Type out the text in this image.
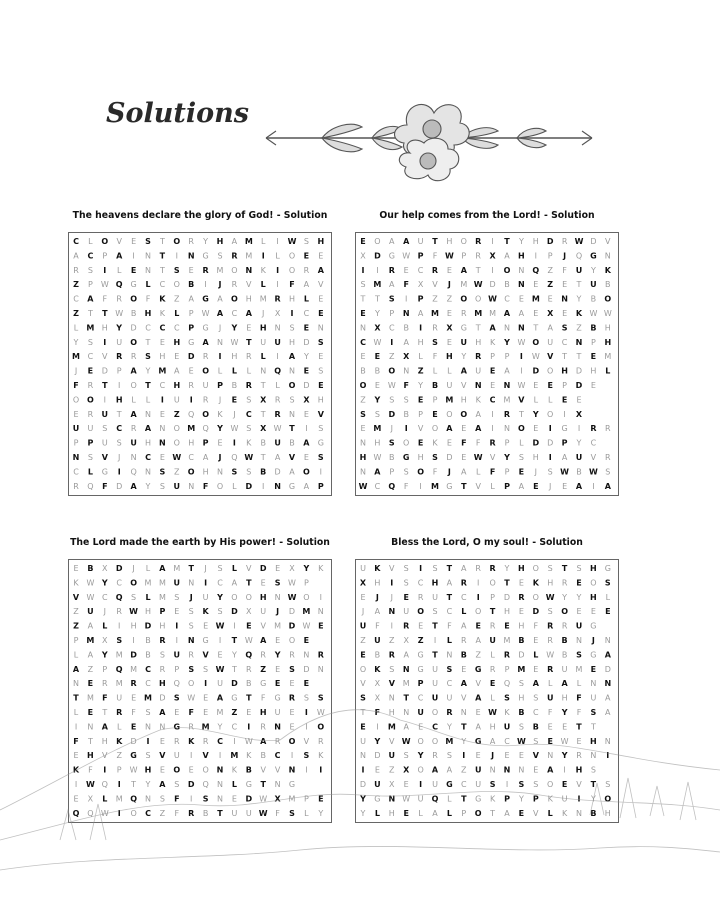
Solutions
The heavens declare the glory of God! - Solution	Our help comes from the Lord! - Solution
The Lord made the earth by His power! - Solution	Bless the Lord, O my soul! - Solution
C L O V E S T O R Y H A M L I W S H
A C P A I N T I N G S R M I L O E E
R S I L E N T S E R M O N K I O R A
Z P W Q G L C O B I J R V L I F A V
C A F R O F K Z A G A O H M R H L E
Z T T W B H K L P W A C A J X I C E
L M H Y D C C C P G J Y E H N S E N
Y S I U O T E H G A N W T U U H D S
M C V R R S H E D R I H R L I A Y E
J E D P A Y M A E O L L L N Q N E S
F R T I O T C H R U P B R T L O D E
O O I H L L I U I R J E S X R S X H
E R U T A N E Z Q O K J C T R N E V
U U S C R A N O M Q Y W S X W T I S
P P U S U H N O H P E I K B U B A G
N S V J N C E W C A J Q W T A V E S
C L G I Q N S Z O H N S S B D A O I
R Q F D A Y S U N F O L D I N G A P
E O A A U T H O R I T Y H D R W D V
X D G W P F W P R X A H I P J Q G N
I I R E C R E A T I O N Q Z F U Y K
S M A F X V J M W D B N E Z E T U B
T T S I P Z Z O O W C E M E N Y B O
E Y P N A M E R M M A A E X E K W W
N X C B I R X G T A N N T A S Z B H
C W I A H S E U H K Y W O U C N P H
E E Z X L F H Y R P P I W V T T E M
B B O N Z L L A U E A I D O H D H L
O E W F Y B U V N E N W E E P D E
Z Y S S E P M H K C M V L L E E
S S D B P E O O A I R T Y O I X
E M J I V O A E A I N O E I G I R R
N H S O E K E F F R P L D D P Y C
H W B G H S D E W V Y S H I A U V R
N A P S O F J A L F P E J S W B W S
W C Q F I M G T V L P A E J E A I A
E B X D J L A M T J S L V D E X Y K
K W Y C O M M U N I C A T E S W P
V W C Q S L M S J U Y O O H N W O I
Z U J R W H P E S K S D X U J D M N
Z A L I H D H I S E W I E V M D W E
P M X S I B R I N G I T W A E O E
L A Y M D B S U R V E Y Q R Y R N R
A Z P Q M C R P S S W T R Z E S D N
N E R M R C H Q O I U D B G E E E
T M F U E M D S W E A G T F G R S S
L E T R F S A E F E M Z E H U E I W
I N A L E N N G R M Y C I R N E I O
F T H K D I E R K R C I W A R O V R
E H V Z G S V U I V I M K B C I S K
K F I P W H E O E O N K B V V N I I
I W Q I T Y A S D Q N L G T N G
E X L M Q N S F I S N E D W X M P E
Q Q W I O C Z F R B T U U W F S L Y
U K V S I S T A R R Y H O S T S H G
X H I S C H A R I O T E K H R E O S
E J J E R U T C I P D R O W Y Y H L
J A N U O S C L O T H E D S O E E E
U F I R E T F A E R E H F R R U G
Z U Z X Z I L R A U M B E R B N J N
E B R A G T N B Z L R D L W B S G A
O K S N G U S E G R P M E R U M E D
V X V M P U C A V E Q S A L A L N N
S X N T C U U V A L S H S U H F U A
T F H N U O R N E W K B C F Y F S A
E I M A E C Y T A H U S B E E T T
U Y V W O O M Y G A C W S E W E H N
N D U S Y R S I E J E E V N Y R N I
I E Z X O A A Z U N N N E A I H S
D U X E I U G C U S I S S O E V T S
Y G N W U Q L T G K P Y P K U I Y O
Y L H E L A L P O T A E V L K N B H
